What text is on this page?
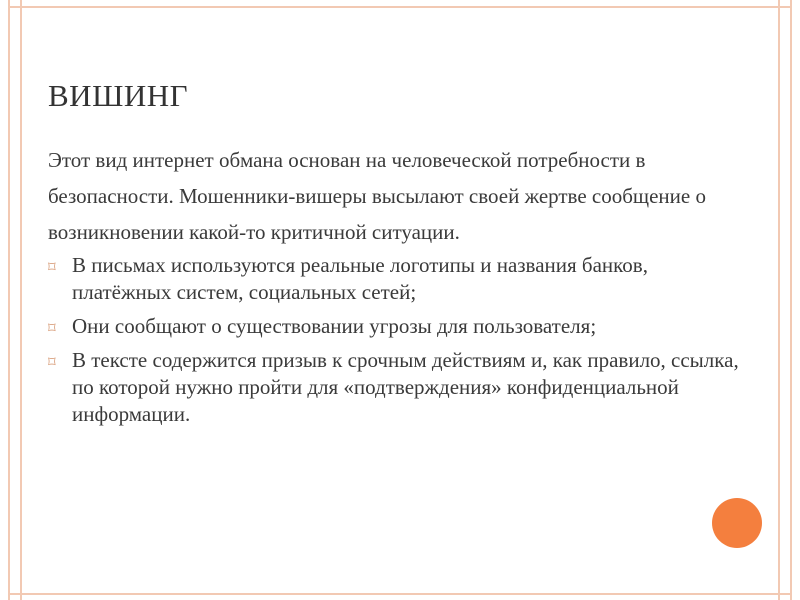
ВИШИНГ

Этот вид интернет обмана основан на человеческой потребности в безопасности. Мошенники-вишеры высылают своей жертве сообщение о возникновении какой-то критичной ситуации.

⌑ В письмах используются реальные логотипы и названия банков, платёжных систем, социальных сетей;
⌑ Они сообщают о существовании угрозы для пользователя;
⌑ В тексте содержится призыв к срочным действиям и, как правило, ссылка, по которой нужно пройти для «подтверждения» конфиденциальной информации.
